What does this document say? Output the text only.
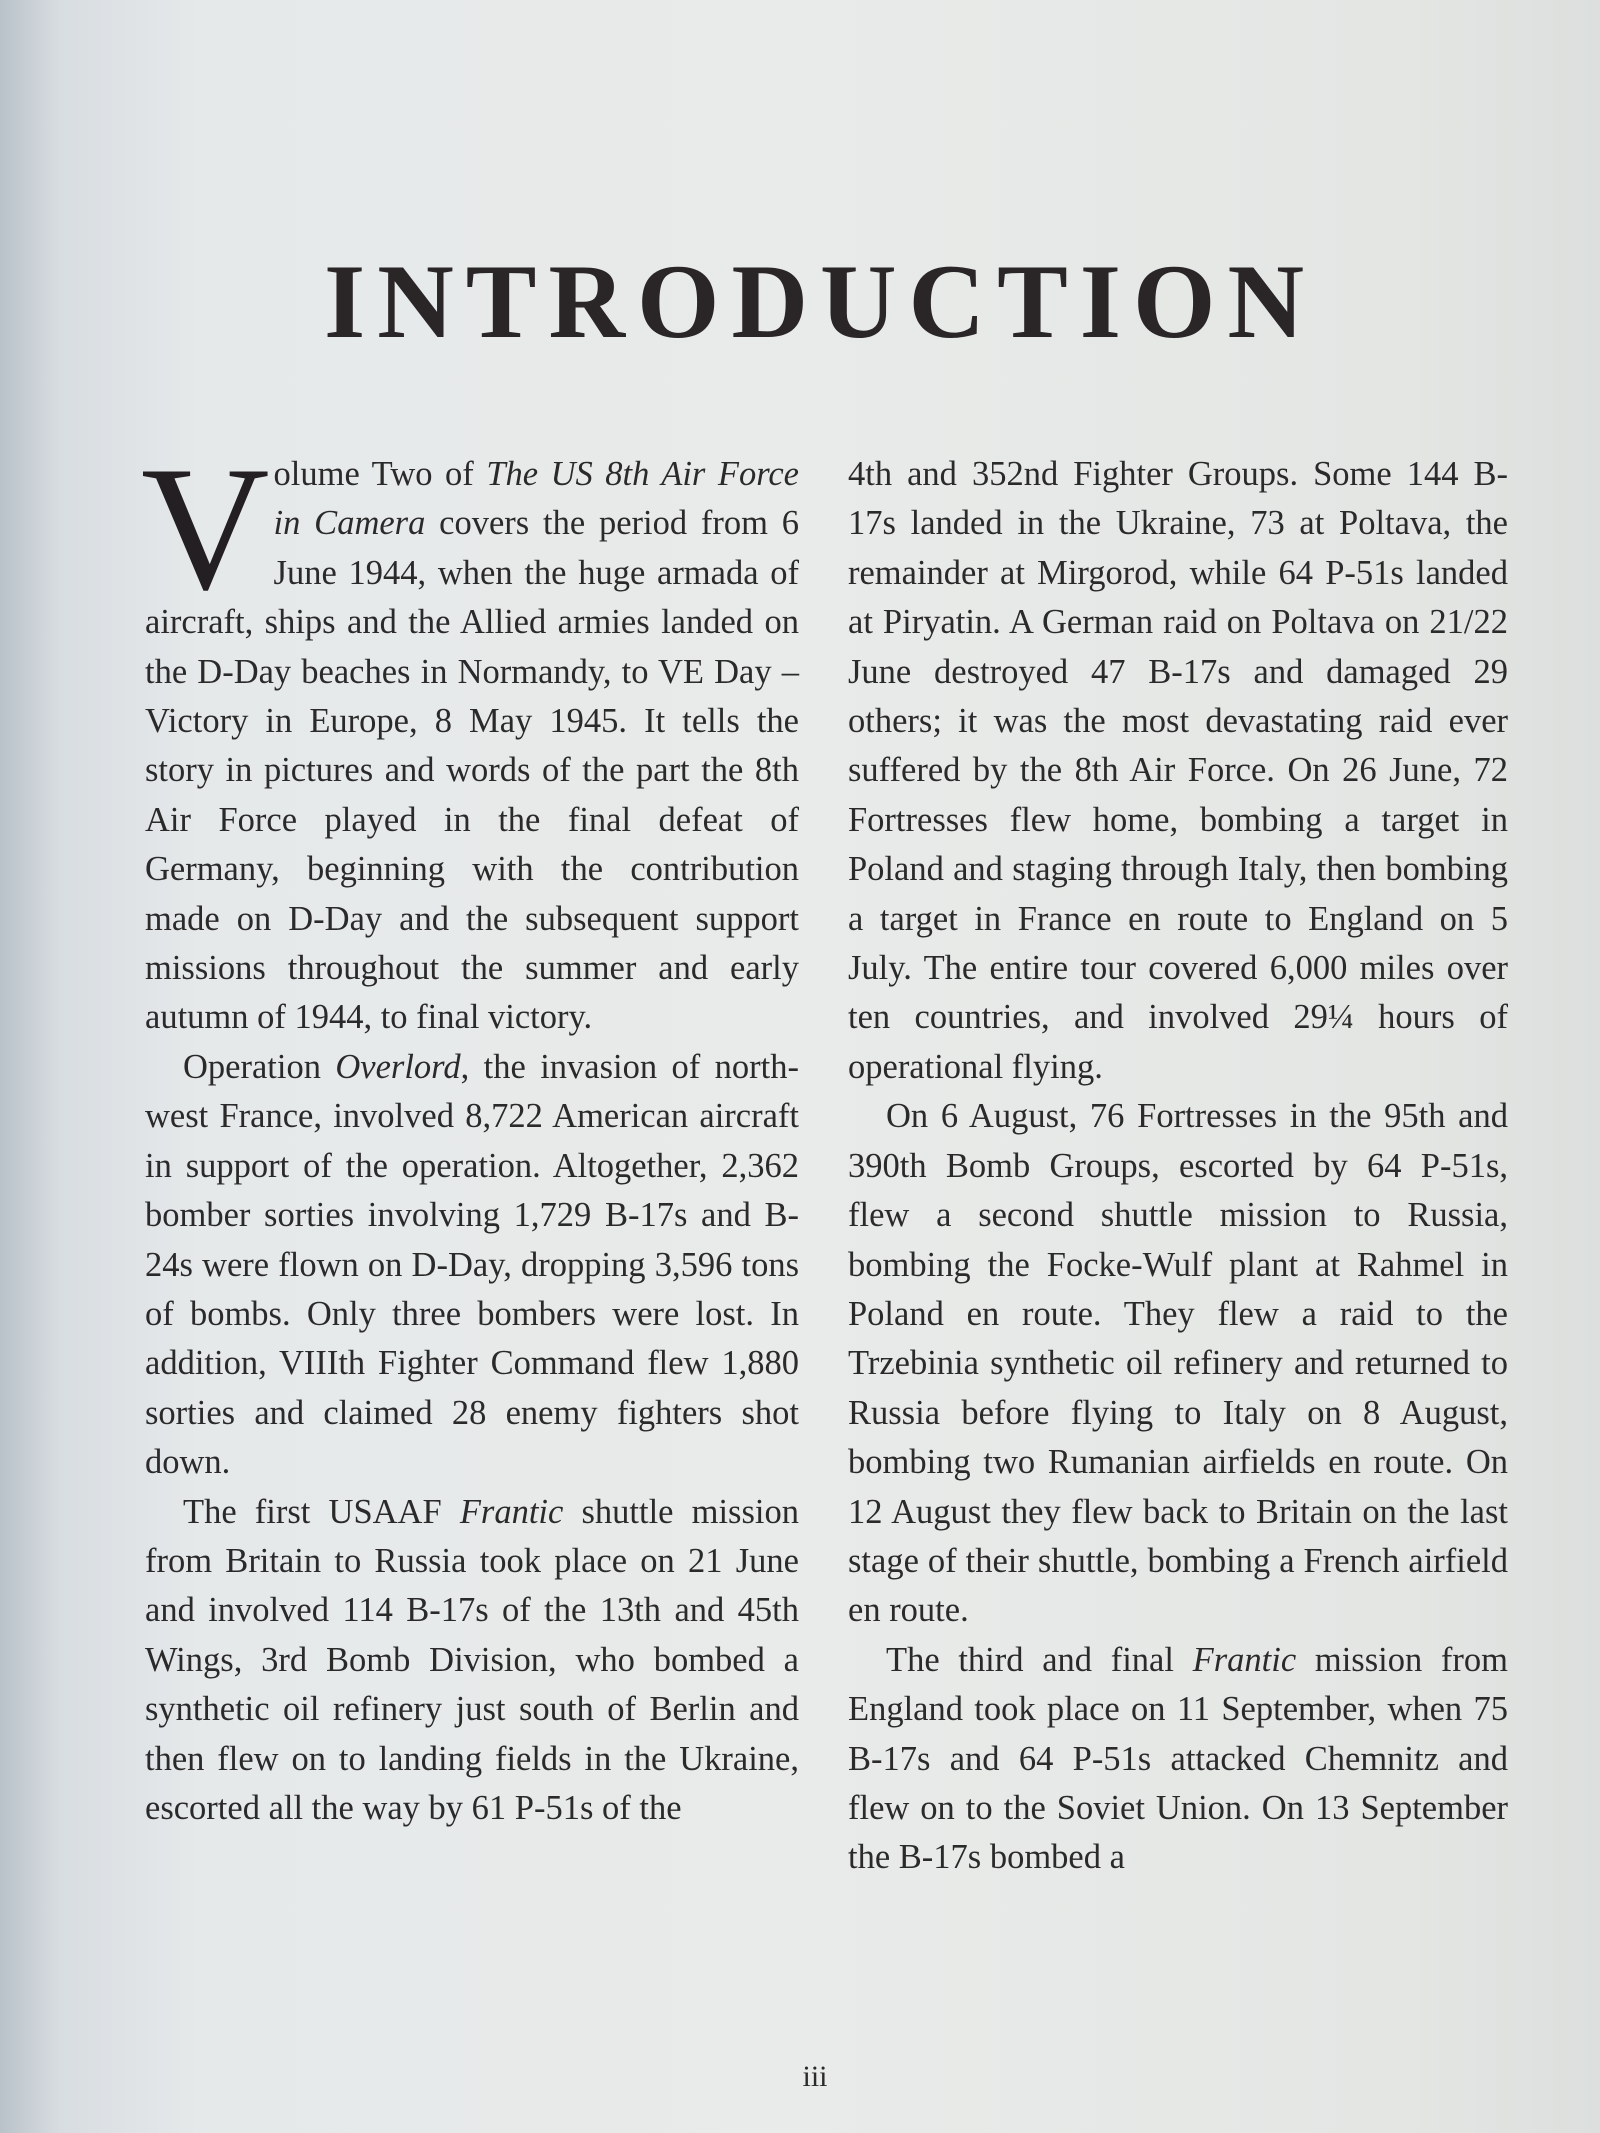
INTRODUCTION

Volume Two of The US 8th Air Force in Camera covers the period from 6 June 1944, when the huge armada of aircraft, ships and the Allied armies landed on the D-Day beaches in Normandy, to VE Day – Victory in Europe, 8 May 1945. It tells the story in pictures and words of the part the 8th Air Force played in the final defeat of Germany, beginning with the contribution made on D-Day and the subsequent support missions throughout the summer and early autumn of 1944, to final victory.

Operation Overlord, the invasion of north-west France, involved 8,722 American aircraft in support of the operation. Altogether, 2,362 bomber sorties involving 1,729 B-17s and B-24s were flown on D-Day, dropping 3,596 tons of bombs. Only three bombers were lost. In addition, VIIIth Fighter Command flew 1,880 sorties and claimed 28 enemy fighters shot down.

The first USAAF Frantic shuttle mission from Britain to Russia took place on 21 June and involved 114 B-17s of the 13th and 45th Wings, 3rd Bomb Division, who bombed a synthetic oil refinery just south of Berlin and then flew on to landing fields in the Ukraine, escorted all the way by 61 P-51s of the

4th and 352nd Fighter Groups. Some 144 B-17s landed in the Ukraine, 73 at Poltava, the remainder at Mirgorod, while 64 P-51s landed at Piryatin. A German raid on Poltava on 21/22 June destroyed 47 B-17s and damaged 29 others; it was the most devastating raid ever suffered by the 8th Air Force. On 26 June, 72 Fortresses flew home, bombing a target in Poland and staging through Italy, then bombing a target in France en route to England on 5 July. The entire tour covered 6,000 miles over ten countries, and involved 29¼ hours of operational flying.

On 6 August, 76 Fortresses in the 95th and 390th Bomb Groups, escorted by 64 P-51s, flew a second shuttle mission to Russia, bombing the Focke-Wulf plant at Rahmel in Poland en route. They flew a raid to the Trzebinia synthetic oil refinery and returned to Russia before flying to Italy on 8 August, bombing two Rumanian airfields en route. On 12 August they flew back to Britain on the last stage of their shuttle, bombing a French airfield en route.

The third and final Frantic mission from England took place on 11 September, when 75 B-17s and 64 P-51s attacked Chemnitz and flew on to the Soviet Union. On 13 September the B-17s bombed a

iii
